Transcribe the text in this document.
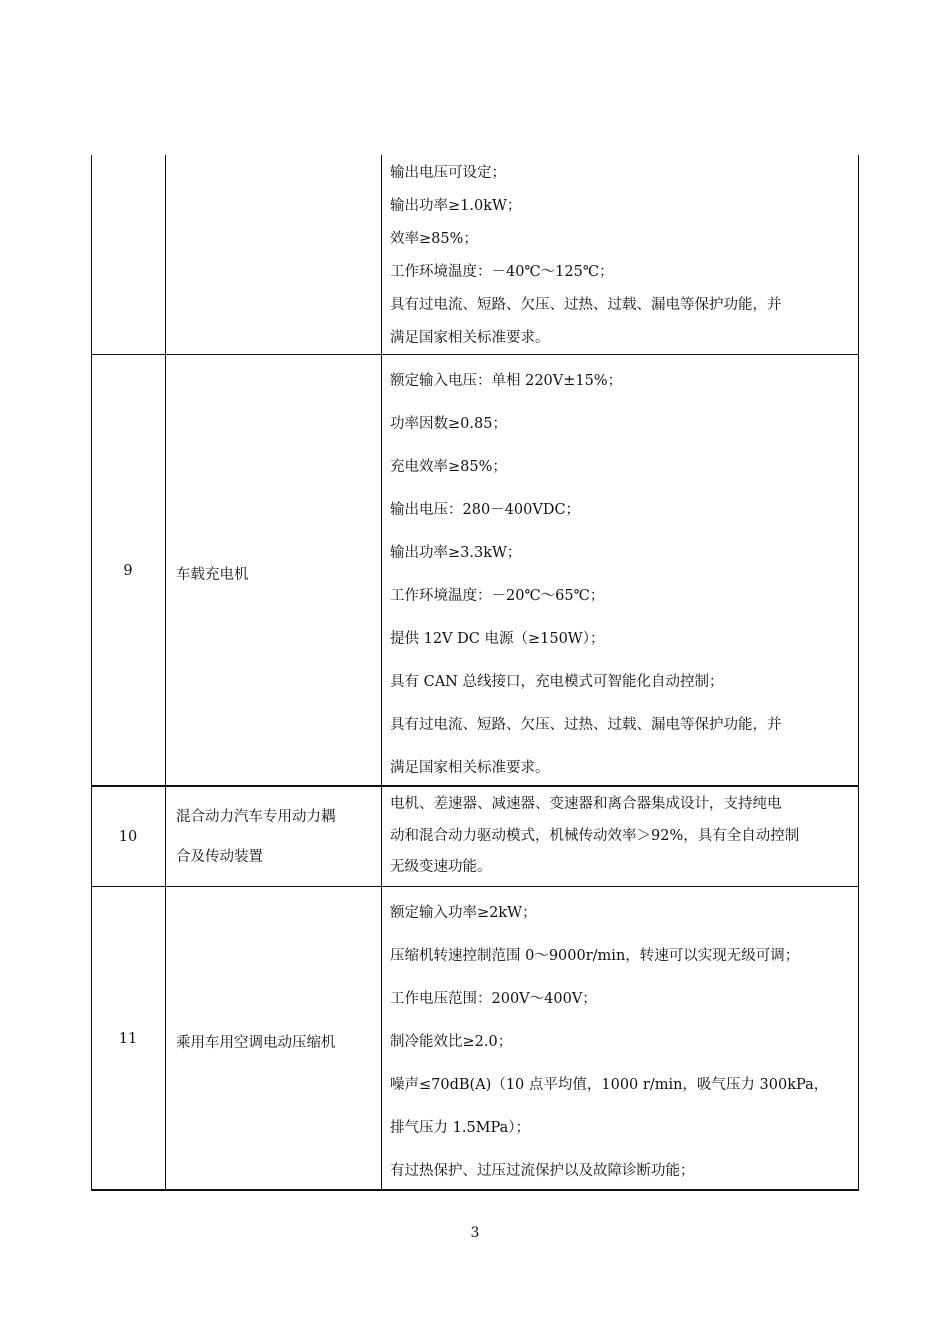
输出电压可设定；
输出功率≥1.0kW；
效率≥85%；
工作环境温度：－40℃～125℃；
具有过电流、短路、欠压、过热、过载、漏电等保护功能，并
满足国家相关标准要求。
9	车载充电机
额定输入电压：单相 220V±15%；
功率因数≥0.85；
充电效率≥85%；
输出电压：280－400VDC；
输出功率≥3.3kW；
工作环境温度：－20℃～65℃；
提供 12V DC 电源（≥150W）；
具有 CAN 总线接口，充电模式可智能化自动控制；
具有过电流、短路、欠压、过热、过载、漏电等保护功能，并
满足国家相关标准要求。
10
混合动力汽车专用动力耦
合及传动装置
电机、差速器、减速器、变速器和离合器集成设计，支持纯电
动和混合动力驱动模式，机械传动效率＞92%，具有全自动控制
无级变速功能。
11	乘用车用空调电动压缩机
额定输入功率≥2kW；
压缩机转速控制范围 0～9000r/min，转速可以实现无级可调；
工作电压范围：200V～400V；
制冷能效比≥2.0；
噪声≤70dB(A)（10 点平均值，1000 r/min，吸气压力 300kPa，
排气压力 1.5MPa）；
有过热保护、过压过流保护以及故障诊断功能；
3
